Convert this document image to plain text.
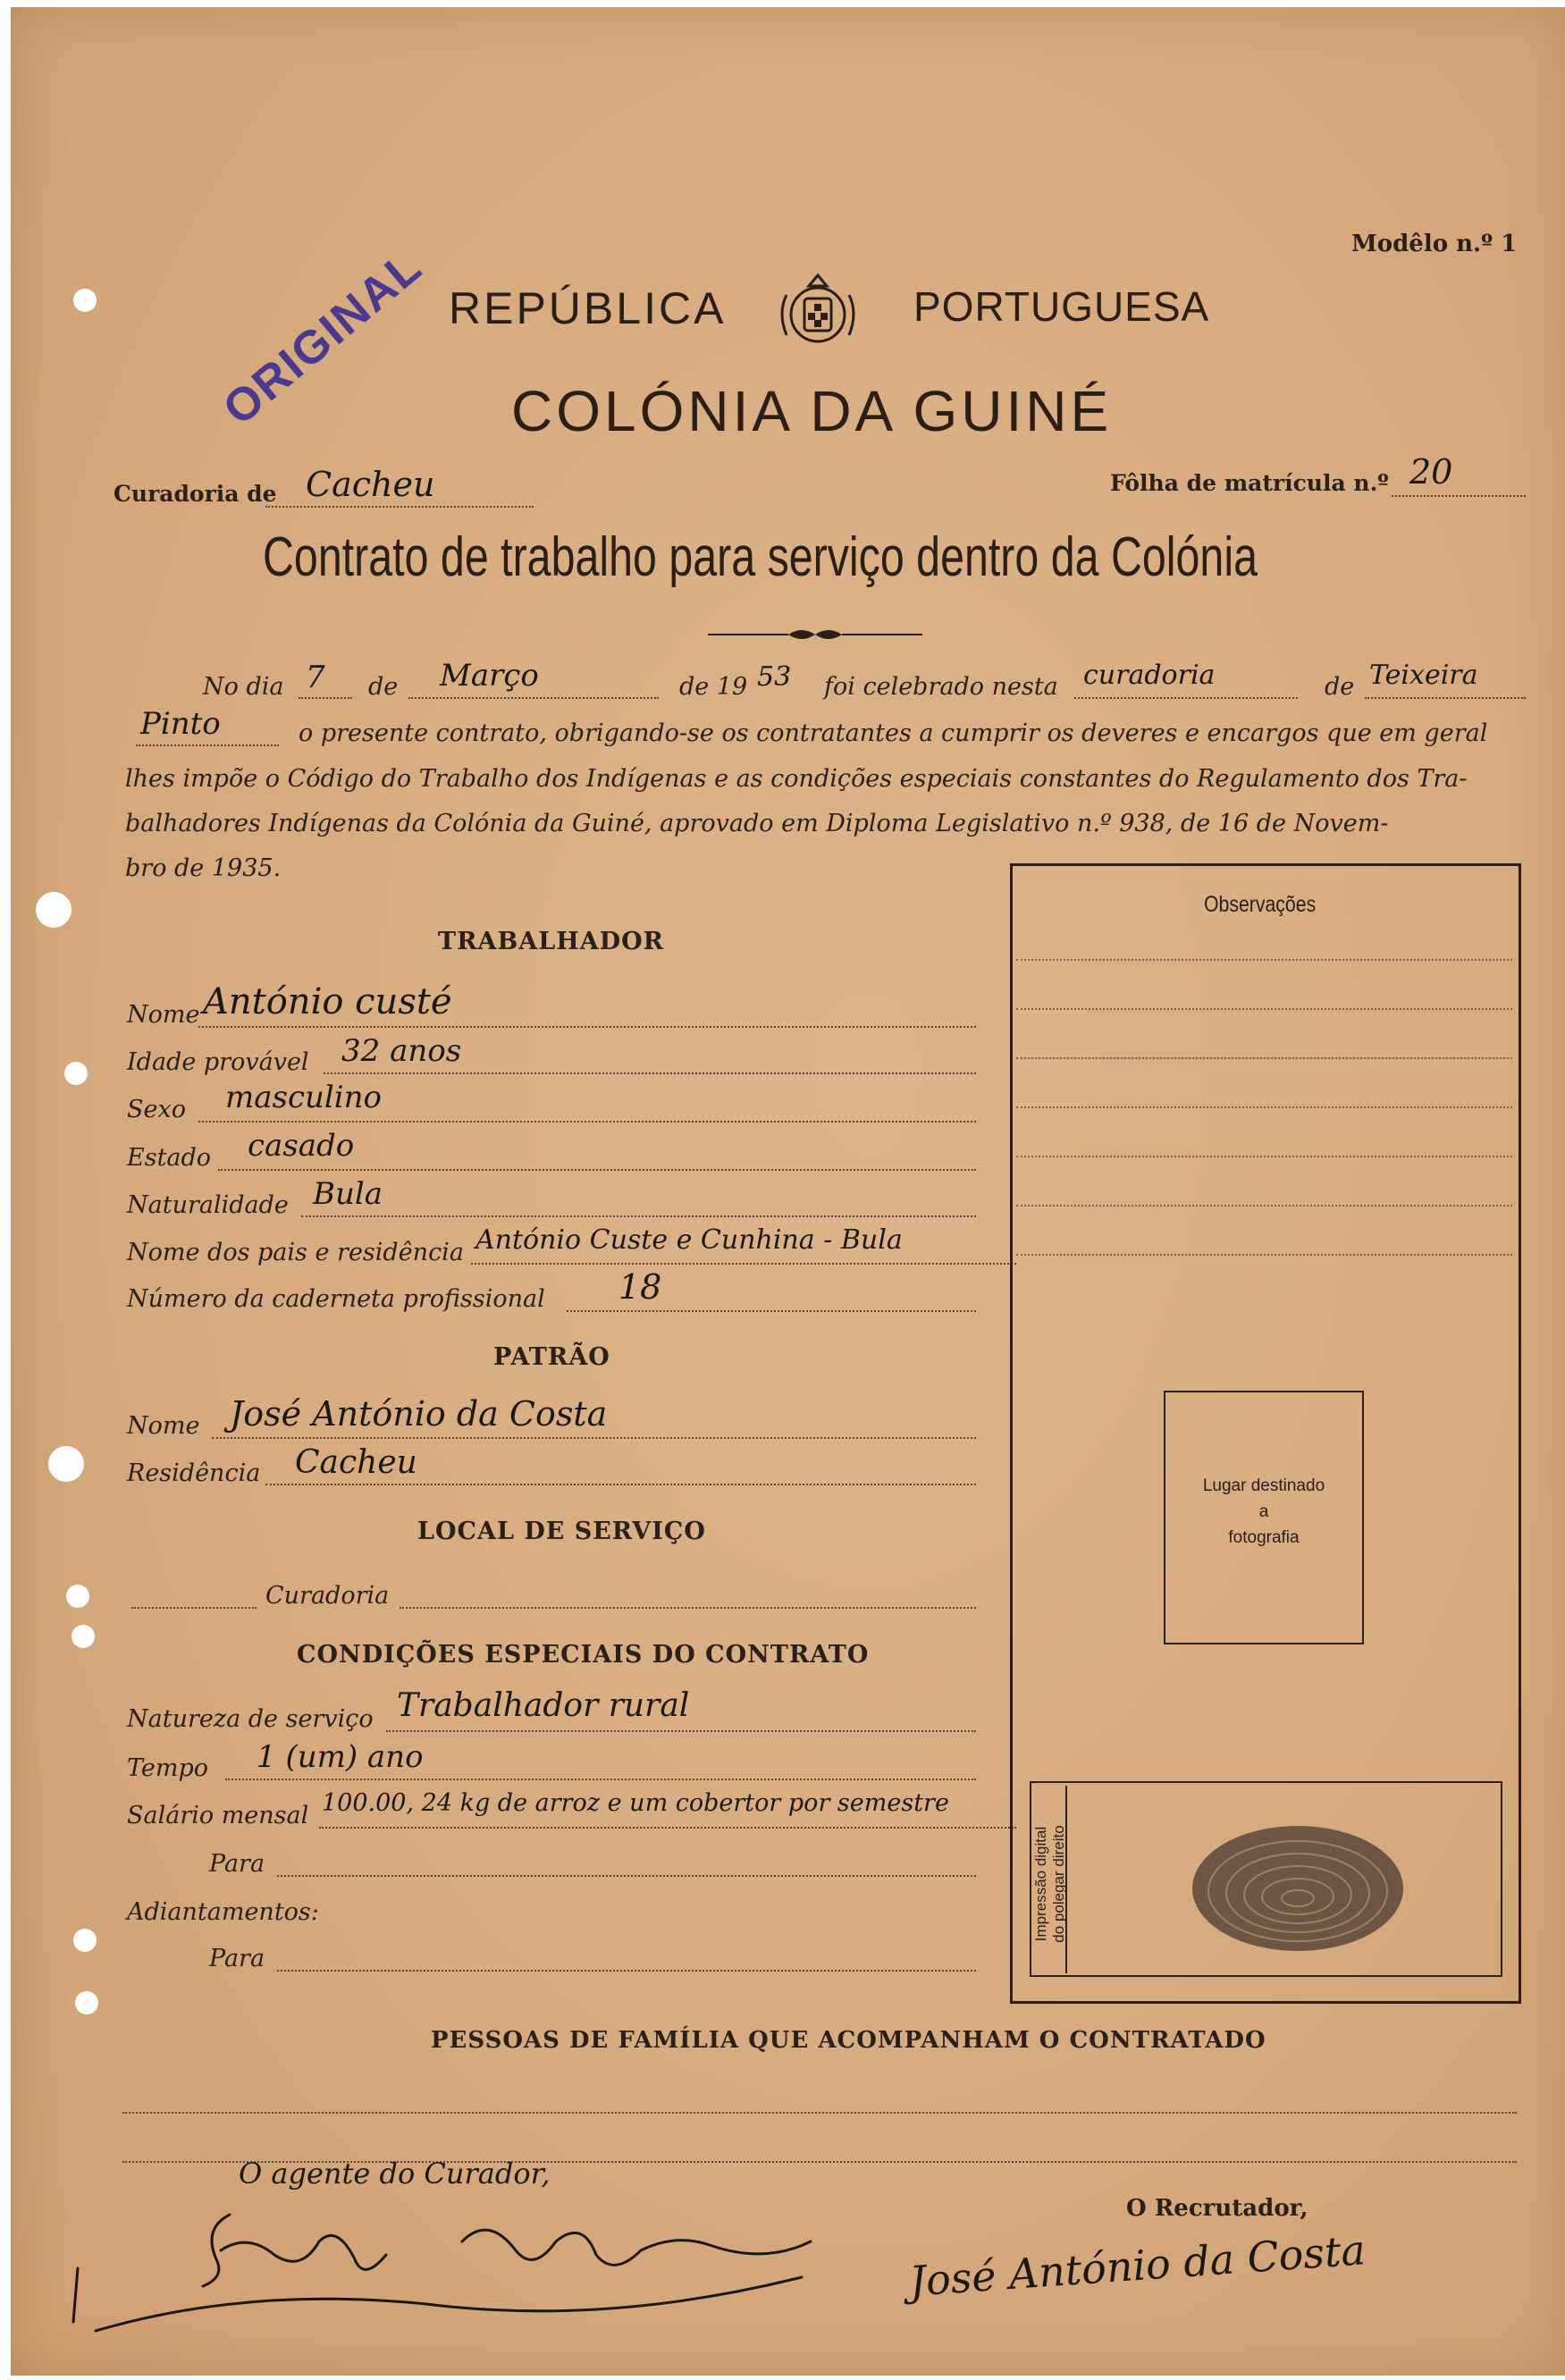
ORIGINAL	Modêlo n.º 1
REPÚBLICA	PORTUGUESA
COLÓNIA DA GUINÉ
Curadoria de Cacheu	Fôlha de matrícula n.º 20
Contrato de trabalho para serviço dentro da Colónia
No dia 7 de Março	de 19 53 foi celebrado nesta curadoria	de Teixeira
Pinto	o presente contrato, obrigando-se os contratantes a cumprir os deveres e encargos que em geral
lhes impõe o Código do Trabalho dos Indígenas e as condições especiais constantes do Regulamento dos Tra-
balhadores Indígenas da Colónia da Guiné, aprovado em Diploma Legislativo n.º 938, de 16 de Novem-
bro de 1935.
TRABALHADOR
Nome António custé
Idade provável 32 anos
Sexo masculino
Estado casado
Naturalidade Bula
Nome dos pais e residência António Custe e Cunhina - Bula
Número da caderneta profissional 18
PATRÃO
Nome José António da Costa
Residência Cacheu
LOCAL DE SERVIÇO
Curadoria
CONDIÇÕES ESPECIAIS DO CONTRATO
Natureza de serviço Trabalhador rural
Tempo 1 (um) ano
Salário mensal 100.00, 24 kg de arroz e um cobertor por semestre
Para
Adiantamentos:
Para
Observações
Lugar destinado
a
fotografia
Impressão digital do polegar direito
PESSOAS DE FAMÍLIA QUE ACOMPANHAM O CONTRATADO
O agente do Curador,
O Recrutador,
José António da Costa
